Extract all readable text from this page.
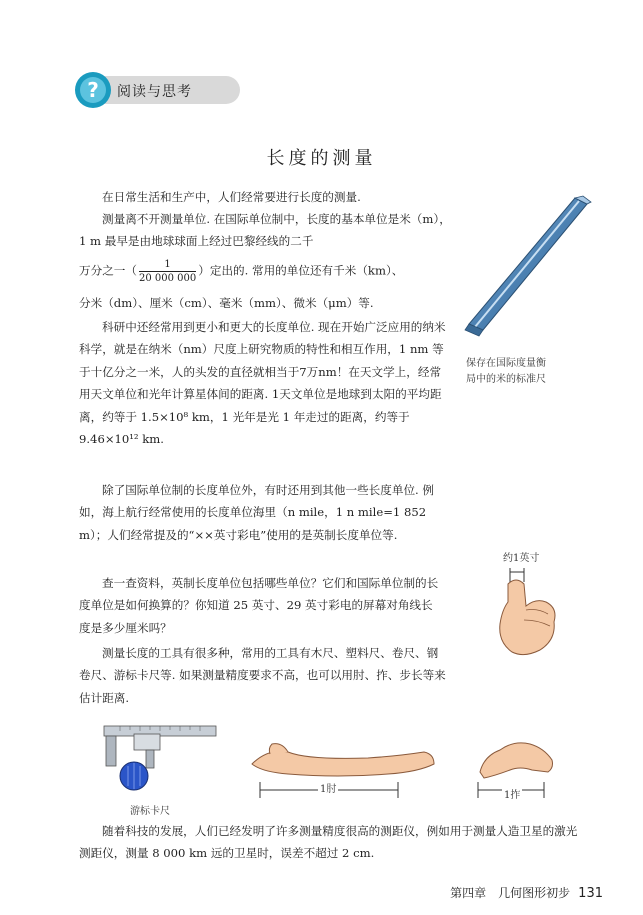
? 阅读与思考
长度的测量

在日常生活和生产中，人们经常要进行长度的测量.

测量离不开测量单位. 在国际单位制中，长度的基本单位是米（m），1 m 最早是由地球球面上经过巴黎经线的二千

万分之一（ $\frac{1}{20 000 000}$ ）定出的. 常用的单位还有千米（km）、

分米（dm）、厘米（cm）、毫米（mm）、微米（μm）等.

科研中还经常用到更小和更大的长度单位. 现在开始广泛应用的纳米科学，就是在纳米（nm）尺度上研究物质的特性和相互作用，1 nm 等于十亿分之一米，人的头发的直径就相当于7万nm！在天文学上，经常用天文单位和光年计算星体间的距离. 1天文单位是地球到太阳的平均距离，约等于 1.5×10⁸ km，1 光年是光 1 年走过的距离，约等于 9.46×10¹² km.

除了国际单位制的长度单位外，有时还用到其他一些长度单位. 例如，海上航行经常使用的长度单位海里（n mile，1 n mile=1 852 m）；人们经常提及的“××英寸彩电”使用的是英制长度单位等.

查一查资料，英制长度单位包括哪些单位？它们和国际单位制的长度单位是如何换算的？你知道 25 英寸、29 英寸彩电的屏幕对角线长度是多少厘米吗？

测量长度的工具有很多种，常用的工具有木尺、塑料尺、卷尺、钢卷尺、游标卡尺等. 如果测量精度要求不高，也可以用肘、拃、步长等来估计距离.

随着科技的发展，人们已经发明了许多测量精度很高的测距仪，例如用于测量人造卫星的激光测距仪，测量 8 000 km 远的卫星时，误差不超过 2 cm.

保存在国际度量衡
局中的米的标准尺
约1英寸
游标卡尺
1肘
1拃
第四章　几何图形初步 131
